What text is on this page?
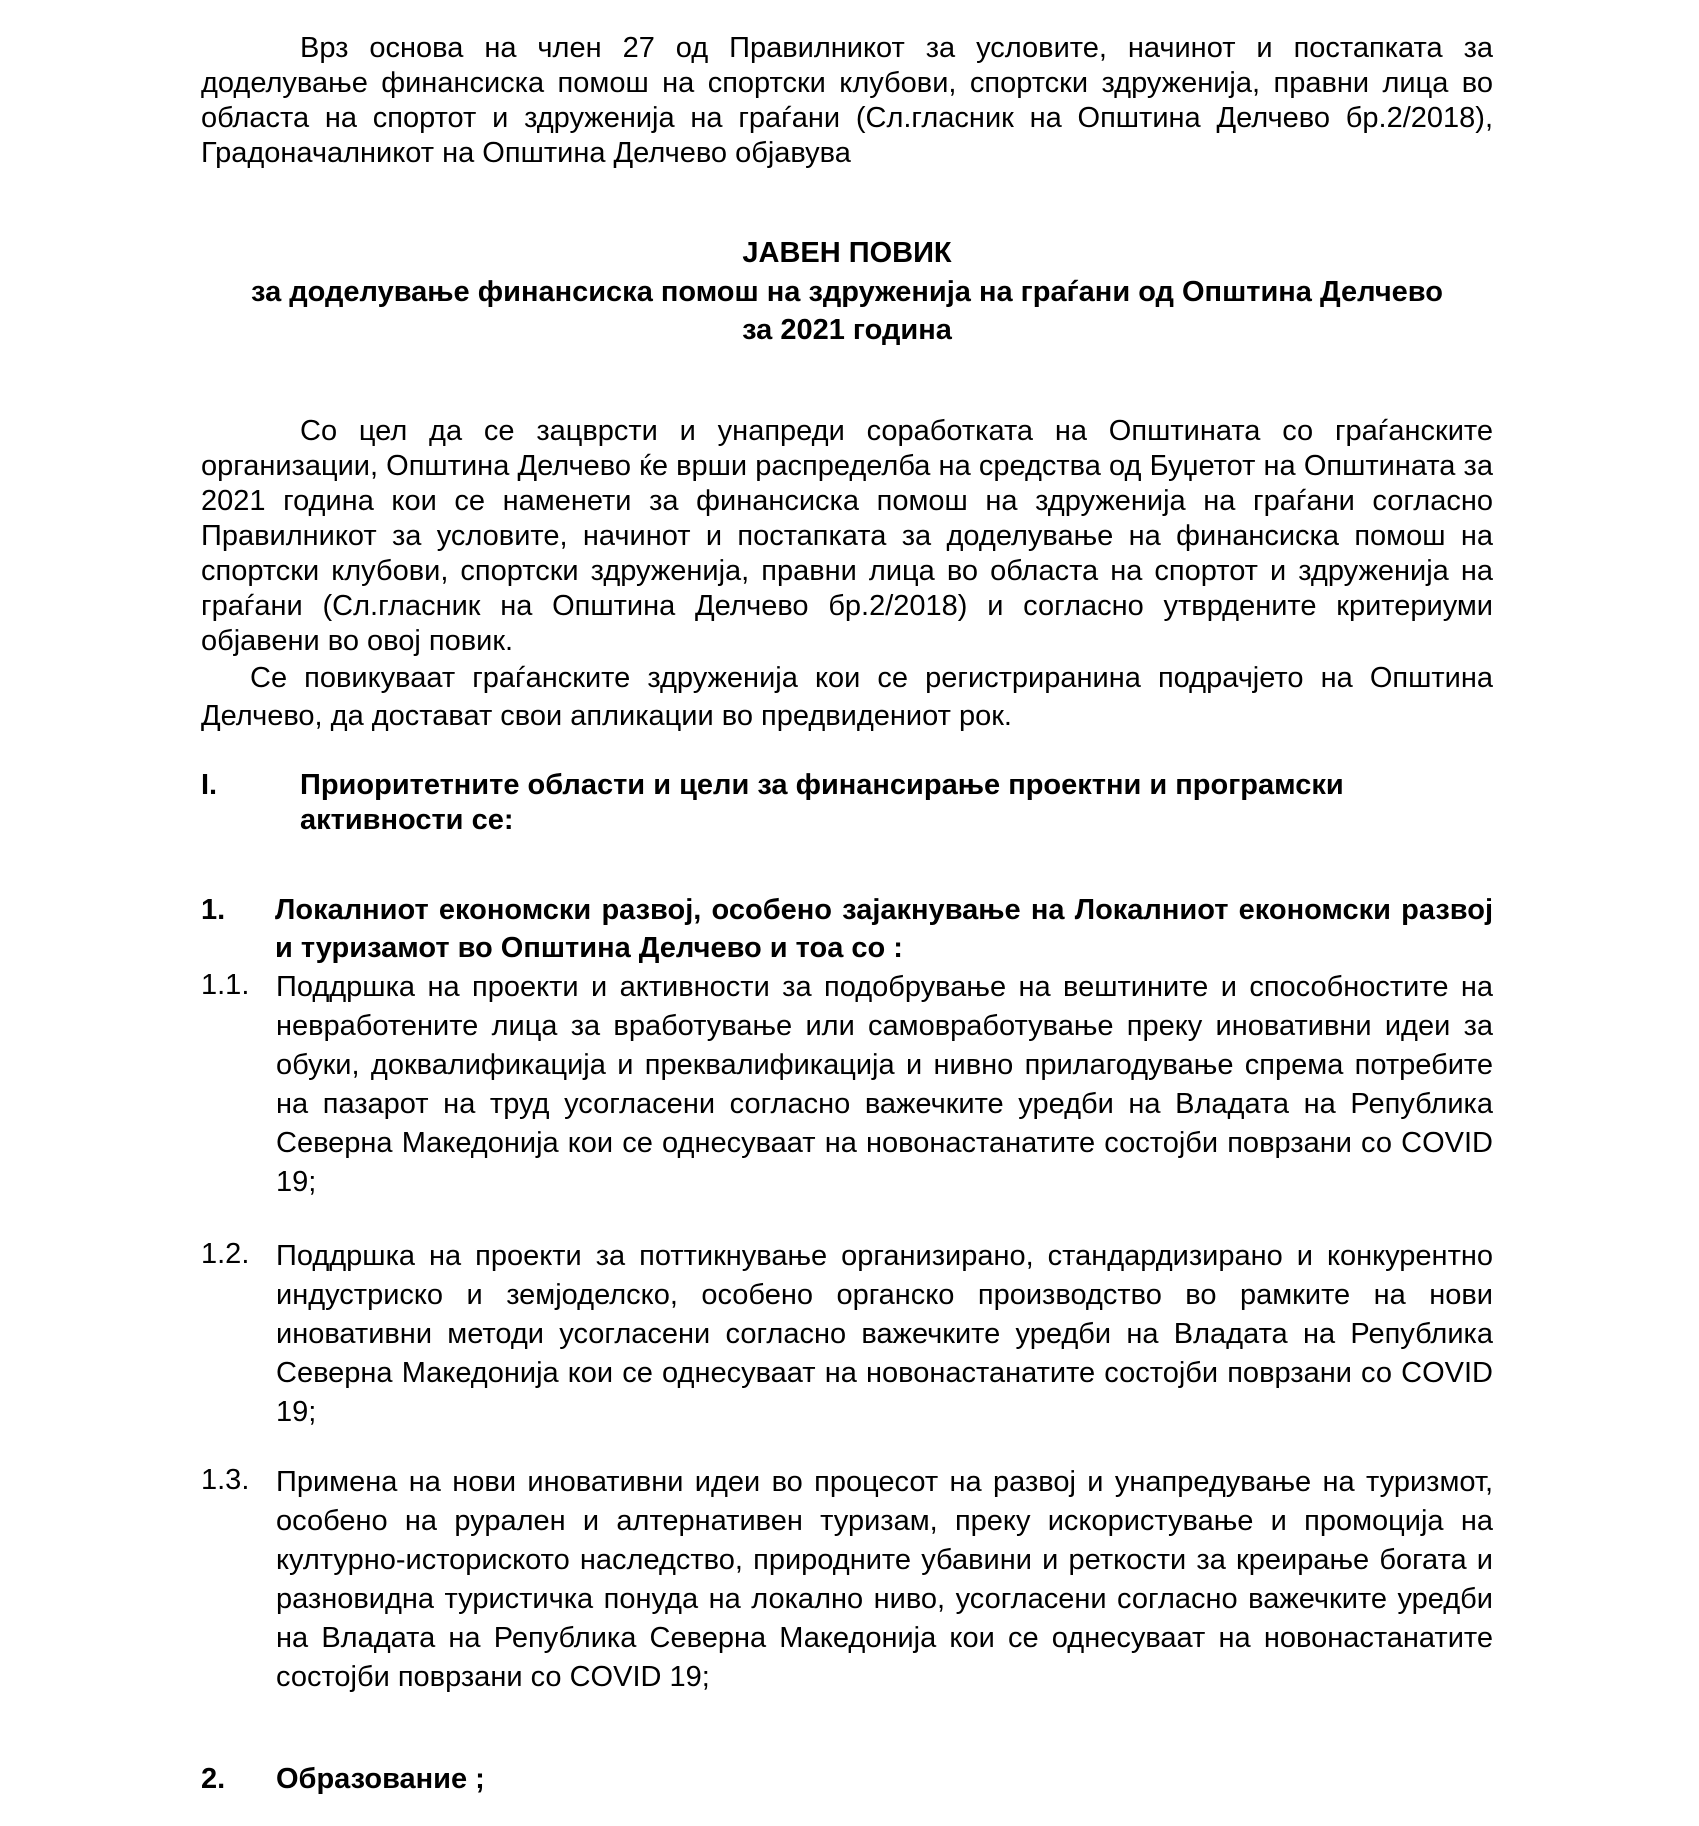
Врз основа на член 27 од Правилникот за условите, начинот и постапката за доделување финансиска помош на спортски клубови, спортски здруженија, правни лица во областа на спортот и здруженија на граѓани (Сл.гласник на Општина Делчево бр.2/2018), Градоначалникот на Општина Делчево објавува
ЈАВЕН ПОВИК
за доделување финансиска помош на здруженија на граѓани од Општина Делчево
за 2021 година
Со цел да се зацврсти и унапреди соработката на Општината со граѓанските организации, Општина Делчево ќе врши распределба на средства од Буџетот на Општината за 2021 година кои се наменети за финансиска помош на здруженија на граѓани согласно Правилникот за условите, начинот и постапката за доделување на финансиска помош на спортски клубови, спортски здруженија, правни лица во областа на спортот и здруженија на граѓани (Сл.гласник на Општина Делчево бр.2/2018) и согласно утврдените критериуми објавени во овој повик.
Се повикуваат граѓанските здруженија кои се регистриранина подрачјето на Општина Делчево, да достават свои апликации во предвидениот рок.
I.	Приоритетните области и цели за финансирање проектни и програмски активности се:
1. Локалниот економски развој, особено зајакнување на Локалниот економски развој и туризамот во Општина Делчево и тоа со :
1.1. Поддршка на проекти и активности за подобрување на вештините и способностите на невработените лица за вработување или самовработување преку иновативни идеи за обуки, доквалификација и преквалификација и нивно прилагодување спрема потребите на пазарот на труд усогласени согласно важечките уредби на Владата на Република Северна Македонија кои се однесуваат на новонастанатите состојби поврзани со COVID 19;
1.2. Поддршка на проекти за поттикнување организирано, стандардизирано и конкурентно индустриско и земјоделско, особено органско производство во рамките на нови иновативни методи усогласени согласно важечките уредби на Владата на Република Северна Македонија кои се однесуваат на новонастанатите состојби поврзани со COVID 19;
1.3. Примена на нови иновативни идеи во процесот на развој и унапредување на туризмот, особено на рурален и алтернативен туризам, преку искористување и промоција на културно-историското наследство, природните убавини и реткости за креирање богата и разновидна туристичка понуда на локално ниво, усогласени согласно важечките уредби на Владата на Република Северна Македонија кои се однесуваат на новонастанатите состојби поврзани со COVID 19;
2. Образование ;
